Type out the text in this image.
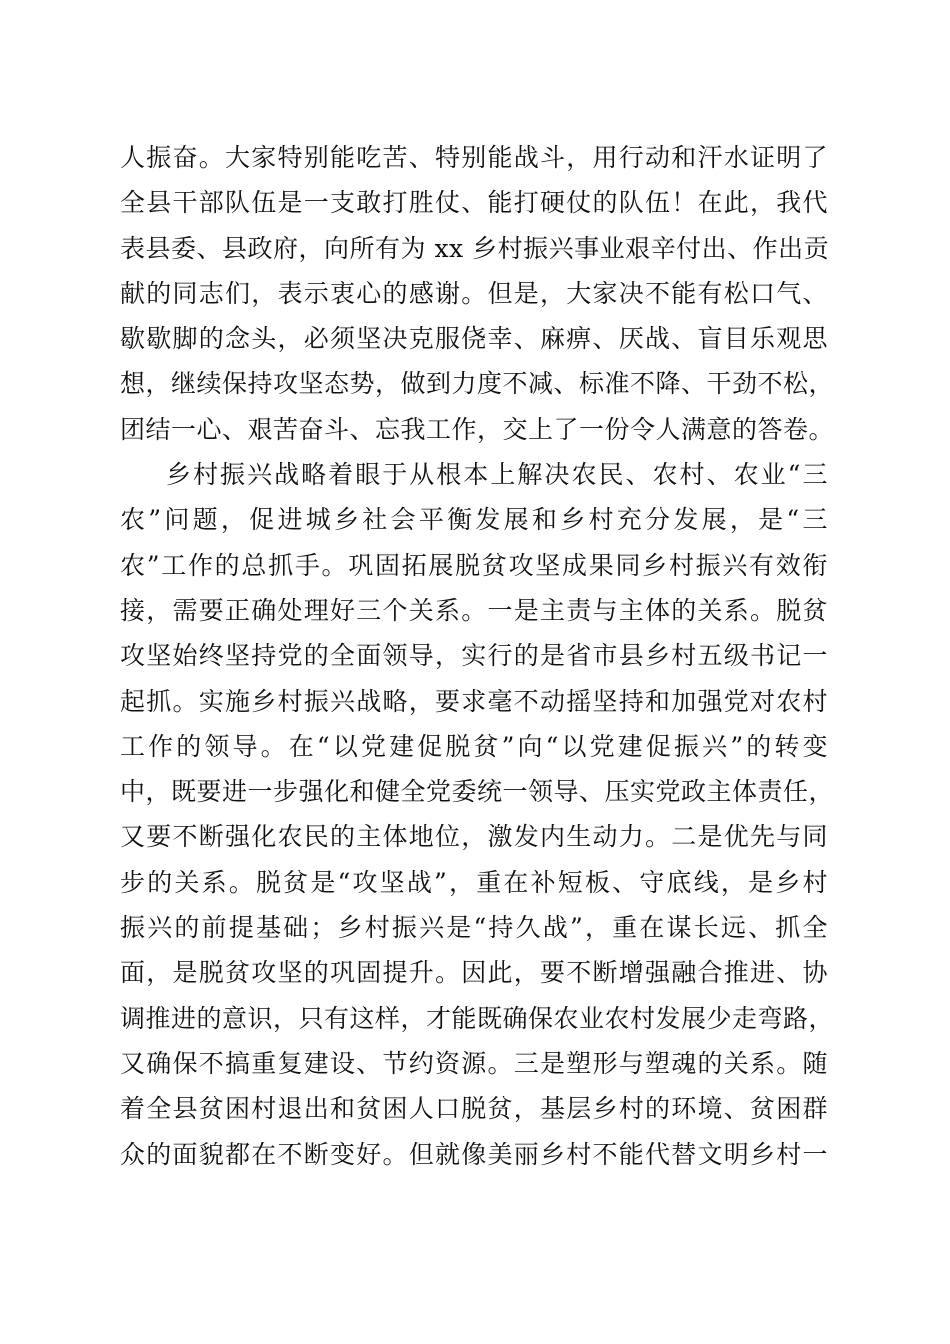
人振奋。大家特别能吃苦、特别能战斗，用行动和汗水证明了
全县干部队伍是一支敢打胜仗、能打硬仗的队伍！在此，我代
表县委、县政府，向所有为 xx 乡村振兴事业艰辛付出、作出贡
献的同志们，表示衷心的感谢。但是，大家决不能有松口气、
歇歇脚的念头，必须坚决克服侥幸、麻痹、厌战、盲目乐观思
想，继续保持攻坚态势，做到力度不减、标准不降、干劲不松，
团结一心、艰苦奋斗、忘我工作，交上了一份令人满意的答卷。
乡村振兴战略着眼于从根本上解决农民、农村、农业“三
农”问题，促进城乡社会平衡发展和乡村充分发展，是“三
农”工作的总抓手。巩固拓展脱贫攻坚成果同乡村振兴有效衔
接，需要正确处理好三个关系。一是主责与主体的关系。脱贫
攻坚始终坚持党的全面领导，实行的是省市县乡村五级书记一
起抓。实施乡村振兴战略，要求毫不动摇坚持和加强党对农村
工作的领导。在“以党建促脱贫”向“以党建促振兴”的转变
中，既要进一步强化和健全党委统一领导、压实党政主体责任，
又要不断强化农民的主体地位，激发内生动力。二是优先与同
步的关系。脱贫是“攻坚战”，重在补短板、守底线，是乡村
振兴的前提基础；乡村振兴是“持久战”，重在谋长远、抓全
面，是脱贫攻坚的巩固提升。因此，要不断增强融合推进、协
调推进的意识，只有这样，才能既确保农业农村发展少走弯路，
又确保不搞重复建设、节约资源。三是塑形与塑魂的关系。随
着全县贫困村退出和贫困人口脱贫，基层乡村的环境、贫困群
众的面貌都在不断变好。但就像美丽乡村不能代替文明乡村一
